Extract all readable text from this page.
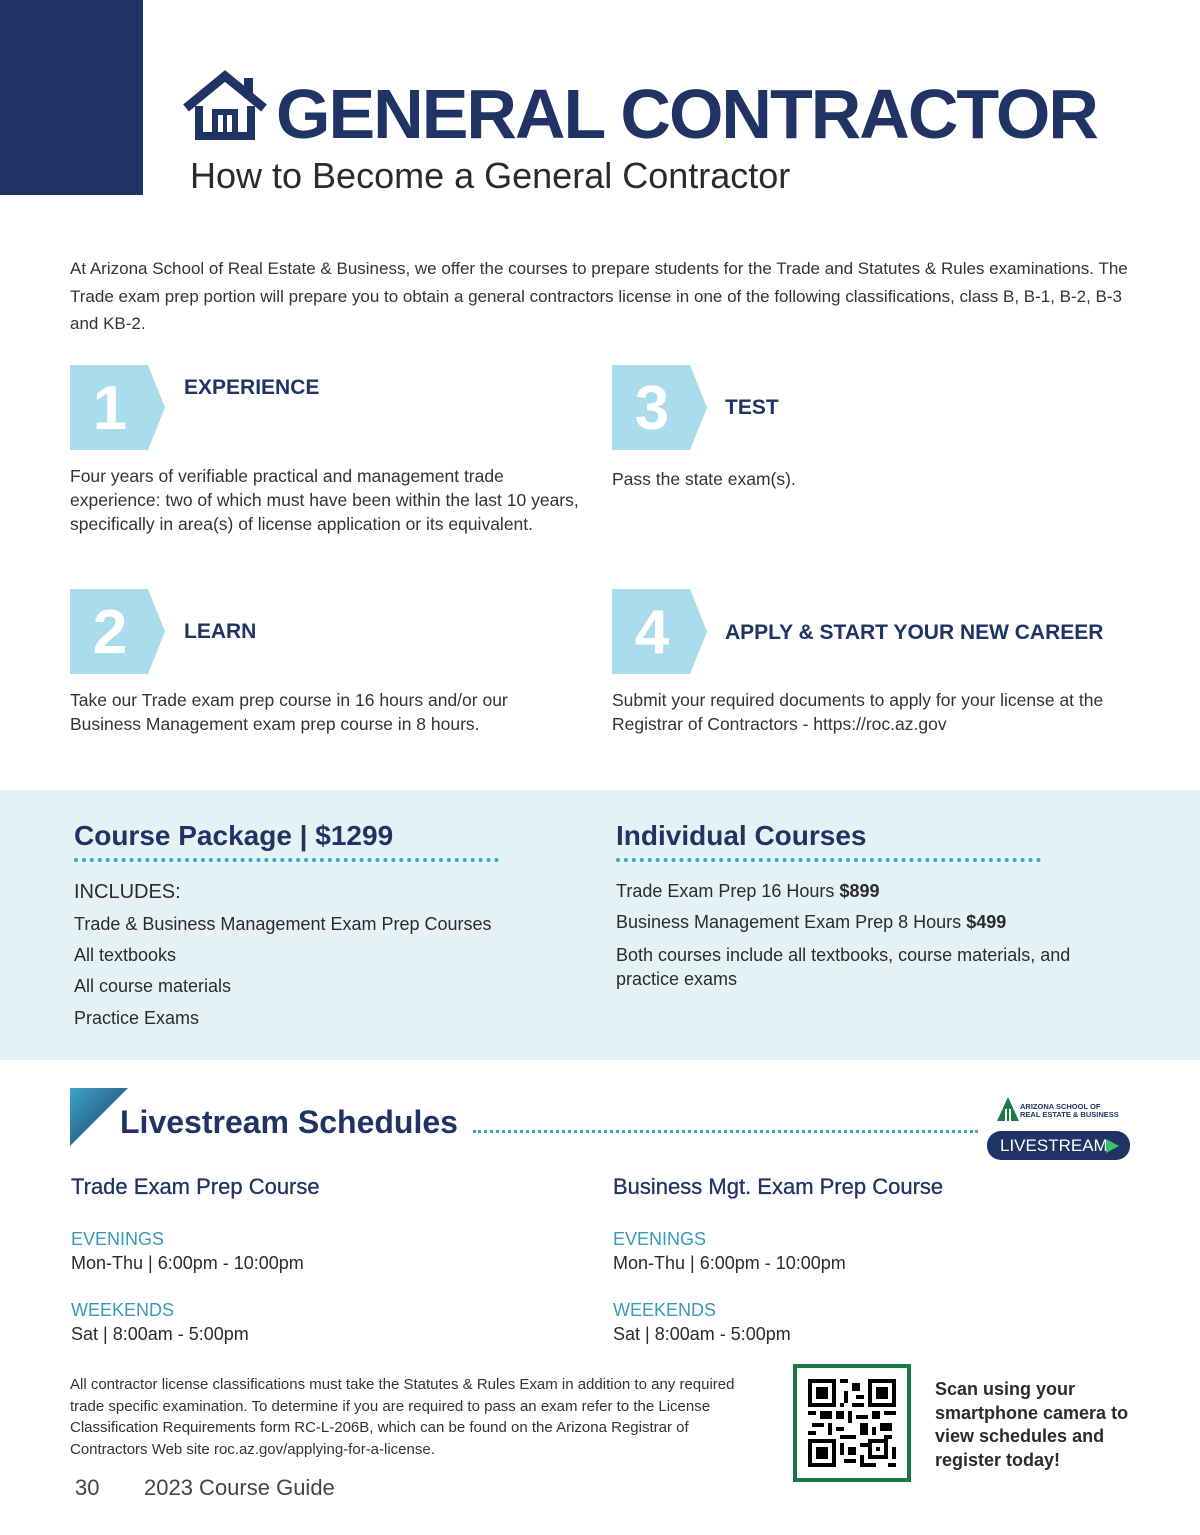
GENERAL CONTRACTOR
How to Become a General Contractor

At Arizona School of Real Estate & Business, we offer the courses to prepare students for the Trade and Statutes & Rules examinations. The Trade exam prep portion will prepare you to obtain a general contractors license in one of the following classifications, class B, B-1, B-2, B-3 and KB-2.

1	EXPERIENCE
Four years of verifiable practical and management trade experience: two of which must have been within the last 10 years, specifically in area(s) of license application or its equivalent.
2	LEARN
Take our Trade exam prep course in 16 hours and/or our Business Management exam prep course in 8 hours.
3	TEST
Pass the state exam(s).
4	APPLY & START YOUR NEW CAREER
Submit your required documents to apply for your license at the Registrar of Contractors - https://roc.az.gov
Course Package | $1299
INCLUDES:
Trade & Business Management Exam Prep Courses
All textbooks
All course materials
Practice Exams
Individual Courses
Trade Exam Prep 16 Hours $899
Business Management Exam Prep 8 Hours $499
Both courses include all textbooks, course materials, and practice exams
Livestream Schedules	ARIZONA SCHOOL OF
REAL ESTATE & BUSINESS
LIVESTREAM
Trade Exam Prep Course
EVENINGS
Mon-Thu | 6:00pm - 10:00pm
WEEKENDS
Sat | 8:00am - 5:00pm
Business Mgt. Exam Prep Course
EVENINGS
Mon-Thu | 6:00pm - 10:00pm
WEEKENDS
Sat | 8:00am - 5:00pm

All contractor license classifications must take the Statutes & Rules Exam in addition to any required trade specific examination. To determine if you are required to pass an exam refer to the License Classification Requirements form RC-L-206B, which can be found on the Arizona Registrar of Contractors Web site roc.az.gov/applying-for-a-license.

Scan using your smartphone camera to view schedules and register today!
30 2023 Course Guide
